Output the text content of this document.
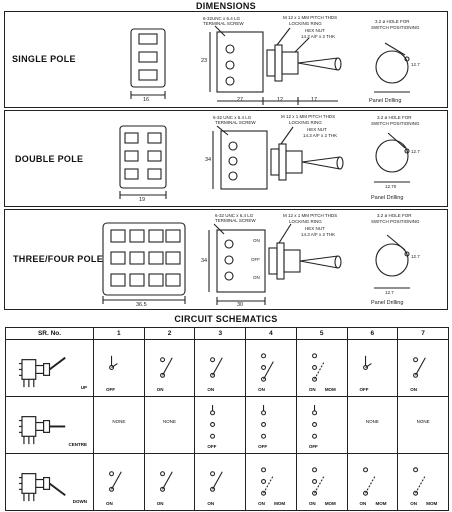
DIMENSIONS
SINGLE POLE
16
23
27	12	17
6-32UNC x 6.4 LG
TERMINAL SCREW
M 12 x 1 MM PITCH THDS
LOCKING RING
HEX NUT
14.3 A/F x 2 THK
3.2 ø HOLE FOR
SWITCH POSITIONING
12.7
Panel Drilling
DOUBLE POLE
19
34
6-32 UNC x 6.4 LG
TERMINAL SCREW
M 12 x 1 MM PITCH THDS
LOCKING RING
HEX NUT
14.3 A/F x 2 THK
3.2 ø HOLE FOR
SWITCH POSITIONING
12.7
12.70
Panel Drilling
THREE/FOUR POLE
36.5
34
30
ON
OFF
ON
6-32 UNC x 6.4 LG
TERMINAL SCREW
M 12 x 1 MM PITCH THDS
LOCKING RING
HEX NUT
14.3 A/F x 2 THK
3.2 ø HOLE FOR
SWITCH POSITIONING
12.7
12.7
Panel Drilling
CIRCUIT SCHEMATICS
SR. No.	1	2	3	4	5	6	7

UP	OFF	ON	ON	ON	ON MOM	OFF	ON

CENTRE	NONE	NONE	OFF	OFF	OFF	NONE	NONE

DOWN	ON	ON	ON	ON MOM	ON MOM	ON MOM	ON MOM
